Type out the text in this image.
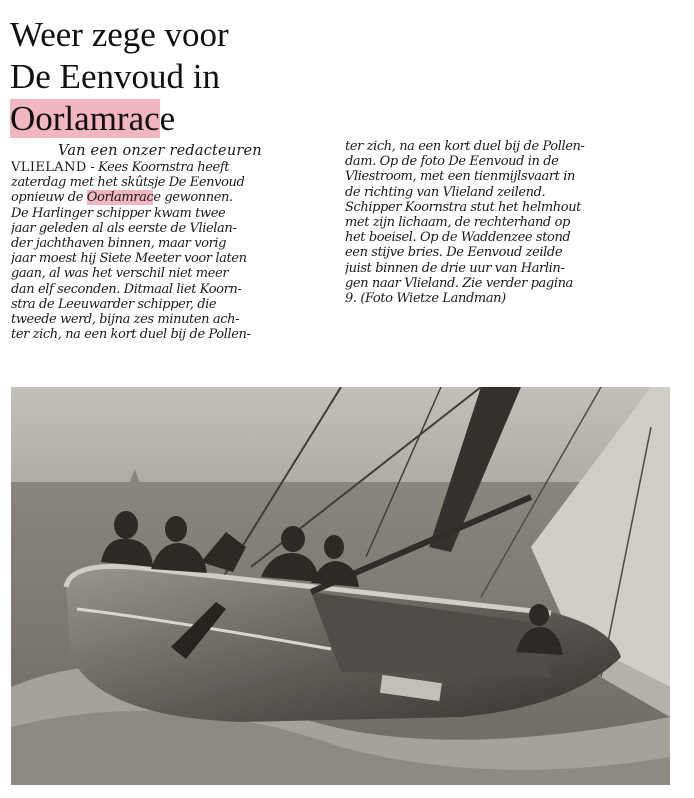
Weer zege voor
De Eenvoud in
Oorlamrace
Van een onzer redacteuren
VLIELAND - Kees Koornstra heeft
zaterdag met het skûtsje De Eenvoud
opnieuw de Oorlamrace gewonnen.
De Harlinger schipper kwam twee
jaar geleden al als eerste de Vlielan-
der jachthaven binnen, maar vorig
jaar moest hij Siete Meeter voor laten
gaan, al was het verschil niet meer
dan elf seconden. Ditmaal liet Koorn-
stra de Leeuwarder schipper, die
tweede werd, bijna zes minuten ach-
ter zich, na een kort duel bij de Pollen-
ter zich, na een kort duel bij de Pollen-
dam. Op de foto De Eenvoud in de
Vliestroom, met een tienmijlsvaart in
de richting van Vlieland zeilend.
Schipper Koornstra stut het helmhout
met zijn lichaam, de rechterhand op
het boeisel. Op de Waddenzee stond
een stijve bries. De Eenvoud zeilde
juist binnen de drie uur van Harlin-
gen naar Vlieland. Zie verder pagina
9. (Foto Wietze Landman)
